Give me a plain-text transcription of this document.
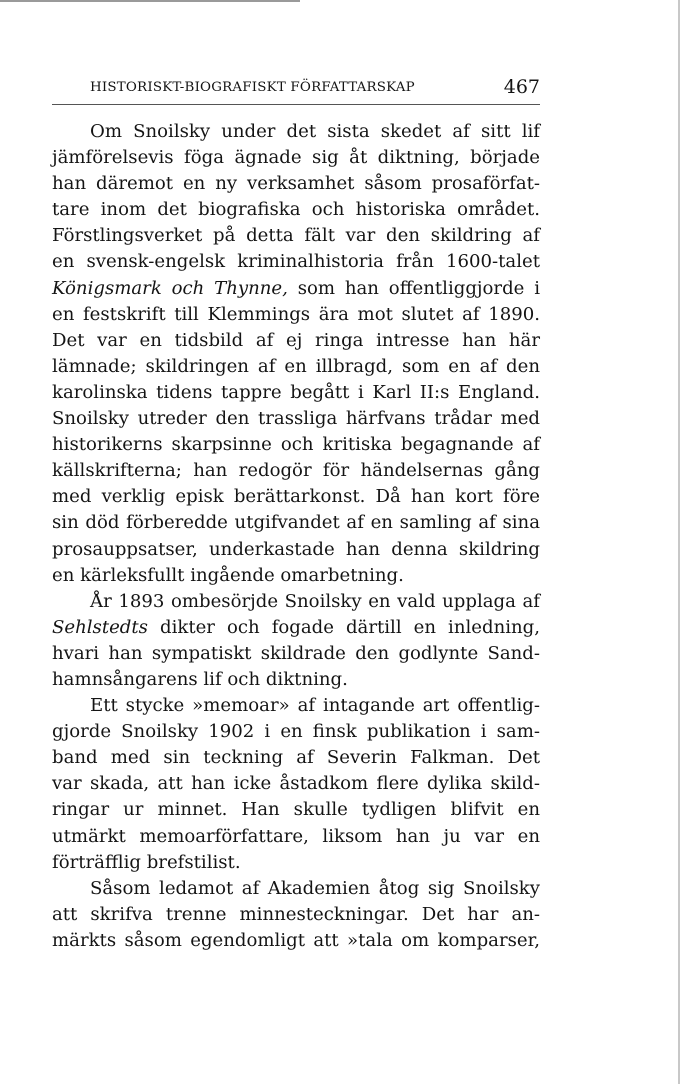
HISTORISKT-BIOGRAFISKT FÖRFATTARSKAP	467
Om Snoilsky under det sista skedet af sitt lif
jämförelsevis föga ägnade sig åt diktning, började
han däremot en ny verksamhet såsom prosaförfat-
tare inom det biografiska och historiska området.
Förstlingsverket på detta fält var den skildring af
en svensk-engelsk kriminalhistoria från 1600-talet
Königsmark och Thynne, som han offentliggjorde i
en festskrift till Klemmings ära mot slutet af 1890.
Det var en tidsbild af ej ringa intresse han här
lämnade; skildringen af en illbragd, som en af den
karolinska tidens tappre begått i Karl II:s England.
Snoilsky utreder den trassliga härfvans trådar med
historikerns skarpsinne och kritiska begagnande af
källskrifterna; han redogör för händelsernas gång
med verklig episk berättarkonst. Då han kort före
sin död förberedde utgifvandet af en samling af sina
prosauppsatser, underkastade han denna skildring
en kärleksfullt ingående omarbetning.
År 1893 ombesörjde Snoilsky en vald upplaga af
Sehlstedts dikter och fogade därtill en inledning,
hvari han sympatiskt skildrade den godlynte Sand-
hamnsångarens lif och diktning.
Ett stycke »memoar» af intagande art offentlig-
gjorde Snoilsky 1902 i en finsk publikation i sam-
band med sin teckning af Severin Falkman. Det
var skada, att han icke åstadkom flere dylika skild-
ringar ur minnet. Han skulle tydligen blifvit en
utmärkt memoarförfattare, liksom han ju var en
förträfflig brefstilist.
Såsom ledamot af Akademien åtog sig Snoilsky
att skrifva trenne minnesteckningar. Det har an-
märkts såsom egendomligt att »tala om komparser,
